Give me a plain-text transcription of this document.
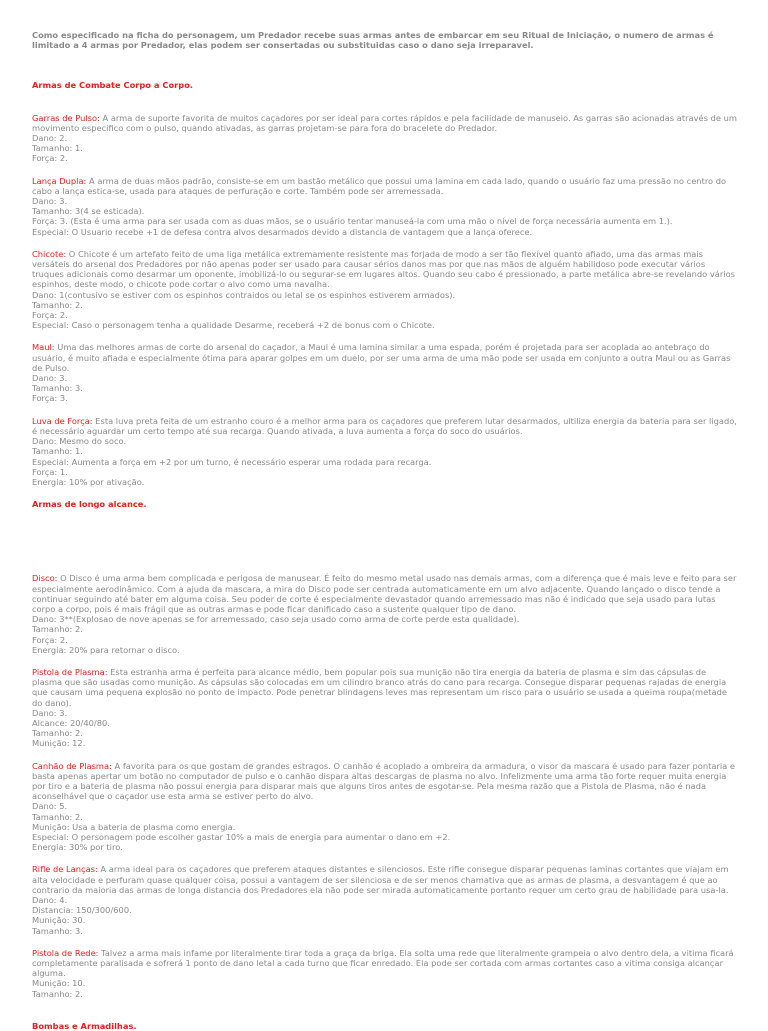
Como especificado na ficha do personagem, um Predador recebe suas armas antes de embarcar em seu Ritual de Iniciação, o numero de armas é limitado a 4 armas por Predador, elas podem ser consertadas ou substituidas caso o dano seja irreparavel.

Armas de Combate Corpo a Corpo.

Garras de Pulso: A arma de suporte favorita de muitos caçadores por ser ideal para cortes rápidos e pela facilidade de manuseio. As garras são acionadas através de um movimento especifico com o pulso, quando ativadas, as garras projetam-se para fora do bracelete do Predador.
Dano: 2.
Tamanho: 1.
Força: 2.
Lança Dupla: A arma de duas mãos padrão, consiste-se em um bastão metálico que possui uma lamina em cada lado, quando o usuário faz uma pressão no centro do cabo a lança estica-se, usada para ataques de perfuração e corte. Também pode ser arremessada.
Dano: 3.
Tamanho: 3(4 se esticada).
Força: 3. (Esta é uma arma para ser usada com as duas mãos, se o usuário tentar manuseá-la com uma mão o nível de força necessária aumenta em 1.).
Especial: O Usuario recebe +1 de defesa contra alvos desarmados devido a distancia de vantagem que a lança oferece.
Chicote: O Chicote é um artefato feito de uma liga metálica extremamente resistente mas forjada de modo a ser tão flexível quanto afiado, uma das armas mais versáteis do arsenal dos Predadores por não apenas poder ser usado para causar sérios danos mas por que nas mãos de alguém habilidoso pode executar vários truques adicionais como desarmar um oponente, imobilizá-lo ou segurar-se em lugares altos. Quando seu cabo é pressionado, a parte metálica abre-se revelando vários espinhos, deste modo, o chicote pode cortar o alvo como uma navalha.
Dano: 1(contusivo se estiver com os espinhos contraidos ou letal se os espinhos estiverem armados).
Tamanho: 2.
Força: 2.
Especial: Caso o personagem tenha a qualidade Desarme, receberá +2 de bonus com o Chicote.
Maul: Uma das melhores armas de corte do arsenal do caçador, a Maul é uma lamina similar a uma espada, porém é projetada para ser acoplada ao antebraço do usuário, é muito afiada e especialmente ótima para aparar golpes em um duelo, por ser uma arma de uma mão pode ser usada em conjunto a outra Maul ou as Garras de Pulso.
Dano: 3.
Tamanho: 3.
Força: 3.
Luva de Força: Esta luva preta feita de um estranho couro é a melhor arma para os caçadores que preferem lutar desarmados, ultiliza energia da bateria para ser ligado, é necessário aguardar um certo tempo até sua recarga. Quando ativada, a luva aumenta a força do soco do usuários.
Dano: Mesmo do soco.
Tamanho: 1.
Especial: Aumenta a força em +2 por um turno, é necessário esperar uma rodada para recarga.
Força: 1.
Energia: 10% por ativação.

Armas de longo alcance.

Disco: O Disco é uma arma bem complicada e perigosa de manusear. É feito do mesmo metal usado nas demais armas, com a diferença que é mais leve e feito para ser especialmente aerodinâmico. Com a ajuda da mascara, a mira do Disco pode ser centrada automaticamente em um alvo adjacente. Quando lançado o disco tende a continuar seguindo até bater em alguma coisa. Seu poder de corte é especialmente devastador quando arremessado mas não é indicado que seja usado para lutas corpo a corpo, pois é mais frágil que as outras armas e pode ficar danificado caso a sustente qualquer tipo de dano.
Dano: 3**(Explosao de nove apenas se for arremessado, caso seja usado como arma de corte perde esta qualidade).
Tamanho: 2.
Força: 2.
Energia: 20% para retornar o disco.
Pistola de Plasma: Esta estranha arma é perfeita para alcance médio, bem popular pois sua munição não tira energia da bateria de plasma e sim das cápsulas de plasma que são usadas como munição. As cápsulas são colocadas em um cilindro branco atrás do cano para recarga. Consegue disparar pequenas rajadas de energia que causam uma pequena explosão no ponto de impacto. Pode penetrar blindagens leves mas representam um risco para o usuário se usada a queima roupa(metade do dano).
Dano: 3.
Alcance: 20/40/80.
Tamanho: 2.
Munição: 12.
Canhão de Plasma: A favorita para os que gostam de grandes estragos. O canhão é acoplado a ombreira da armadura, o visor da mascara é usado para fazer pontaria e basta apenas apertar um botão no computador de pulso e o canhão dispara altas descargas de plasma no alvo. Infelizmente uma arma tão forte requer muita energia por tiro e a bateria de plasma não possui energia para disparar mais que alguns tiros antes de esgotar-se. Pela mesma razão que a Pistola de Plasma, não é nada aconselhável que o caçador use esta arma se estiver perto do alvo.
Dano: 5.
Tamanho: 2.
Munição: Usa a bateria de plasma como energia.
Especial: O personagem pode escolher gastar 10% a mais de energia para aumentar o dano em +2.
Energia: 30% por tiro.
Rifle de Lanças: A arma ideal para os caçadores que preferem ataques distantes e silenciosos. Este rifle consegue disparar pequenas laminas cortantes que viajam em alta velocidade e perfuram quase qualquer coisa, possui a vantagem de ser silenciosa e de ser menos chamativa que as armas de plasma, a desvantagem é que ao contrario da maioria das armas de longa distancia dos Predadores ela não pode ser mirada automaticamente portanto requer um certo grau de habilidade para usa-la.
Dano: 4.
Distancia: 150/300/600.
Munição: 30.
Tamanho: 3.
Pistola de Rede: Talvez a arma mais infame por literalmente tirar toda a graça da briga. Ela solta uma rede que literalmente grampeia o alvo dentro dela, a vitima ficará completamente paralisada e sofrerá 1 ponto de dano letal a cada turno que ficar enredado. Ela pode ser cortada com armas cortantes caso a vitima consiga alcançar alguma.
Munição: 10.
Tamanho: 2.

Bombas e Armadilhas.
